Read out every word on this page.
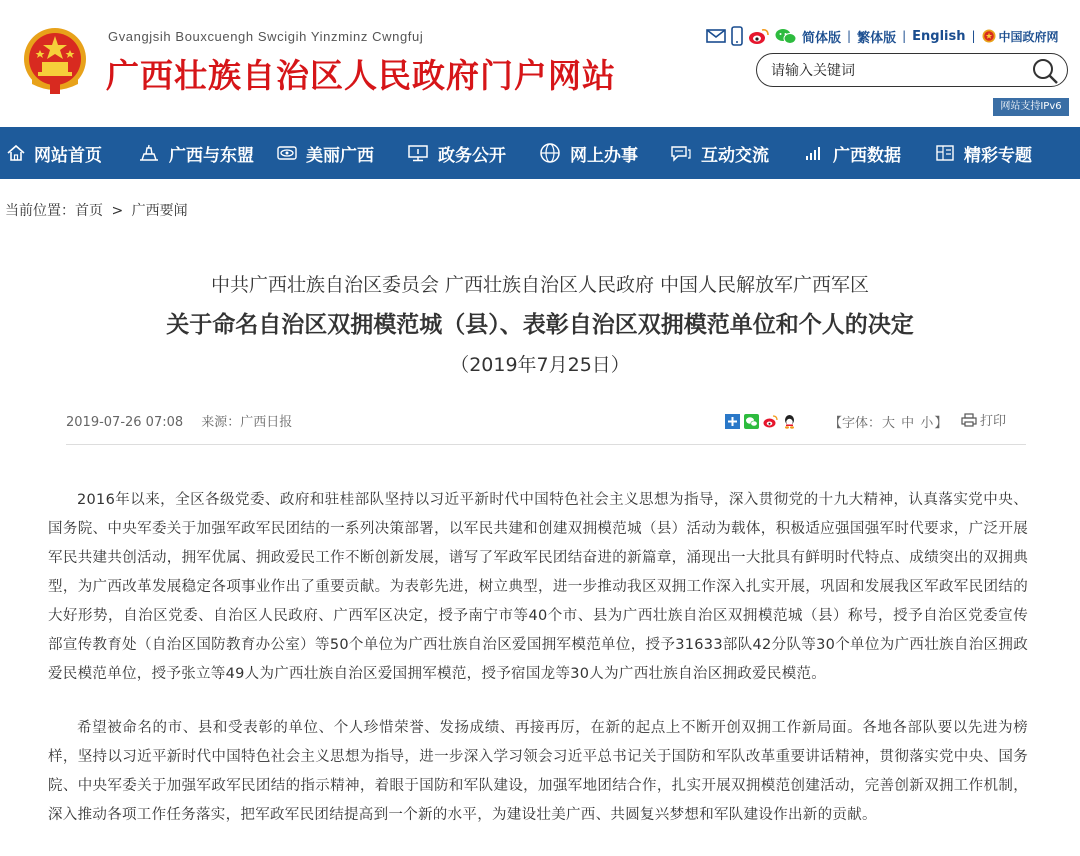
Gvangjsih Bouxcuengh Swcigih Yinzminz Cwngfuj
广西壮族自治区人民政府门户网站
简体版 | 繁体版 | English | 中国政府网
请输入关键词
网站支持IPv6
网站首页	广西与东盟	美丽广西	政务公开	网上办事	互动交流	广西数据	精彩专题
当前位置：首页 > 广西要闻
中共广西壮族自治区委员会 广西壮族自治区人民政府 中国人民解放军广西军区
关于命名自治区双拥模范城（县）、表彰自治区双拥模范单位和个人的决定
（2019年7月25日）
2019-07-26 07:08 来源：广西日报	【字体：大 中 小】	打印

2016年以来，全区各级党委、政府和驻桂部队坚持以习近平新时代中国特色社会主义思想为指导，深入贯彻党的十九大精神，认真落实党中央、国务院、中央军委关于加强军政军民团结的一系列决策部署，以军民共建和创建双拥模范城（县）活动为载体，积极适应强国强军时代要求，广泛开展军民共建共创活动，拥军优属、拥政爱民工作不断创新发展，谱写了军政军民团结奋进的新篇章，涌现出一大批具有鲜明时代特点、成绩突出的双拥典型，为广西改革发展稳定各项事业作出了重要贡献。为表彰先进，树立典型，进一步推动我区双拥工作深入扎实开展，巩固和发展我区军政军民团结的大好形势，自治区党委、自治区人民政府、广西军区决定，授予南宁市等40个市、县为广西壮族自治区双拥模范城（县）称号，授予自治区党委宣传部宣传教育处（自治区国防教育办公室）等50个单位为广西壮族自治区爱国拥军模范单位，授予31633部队42分队等30个单位为广西壮族自治区拥政爱民模范单位，授予张立等49人为广西壮族自治区爱国拥军模范，授予宿国龙等30人为广西壮族自治区拥政爱民模范。

希望被命名的市、县和受表彰的单位、个人珍惜荣誉、发扬成绩、再接再厉，在新的起点上不断开创双拥工作新局面。各地各部队要以先进为榜样，坚持以习近平新时代中国特色社会主义思想为指导，进一步深入学习领会习近平总书记关于国防和军队改革重要讲话精神，贯彻落实党中央、国务院、中央军委关于加强军政军民团结的指示精神，着眼于国防和军队建设，加强军地团结合作，扎实开展双拥模范创建活动，完善创新双拥工作机制，深入推动各项工作任务落实，把军政军民团结提高到一个新的水平，为建设壮美广西、共圆复兴梦想和军队建设作出新的贡献。
